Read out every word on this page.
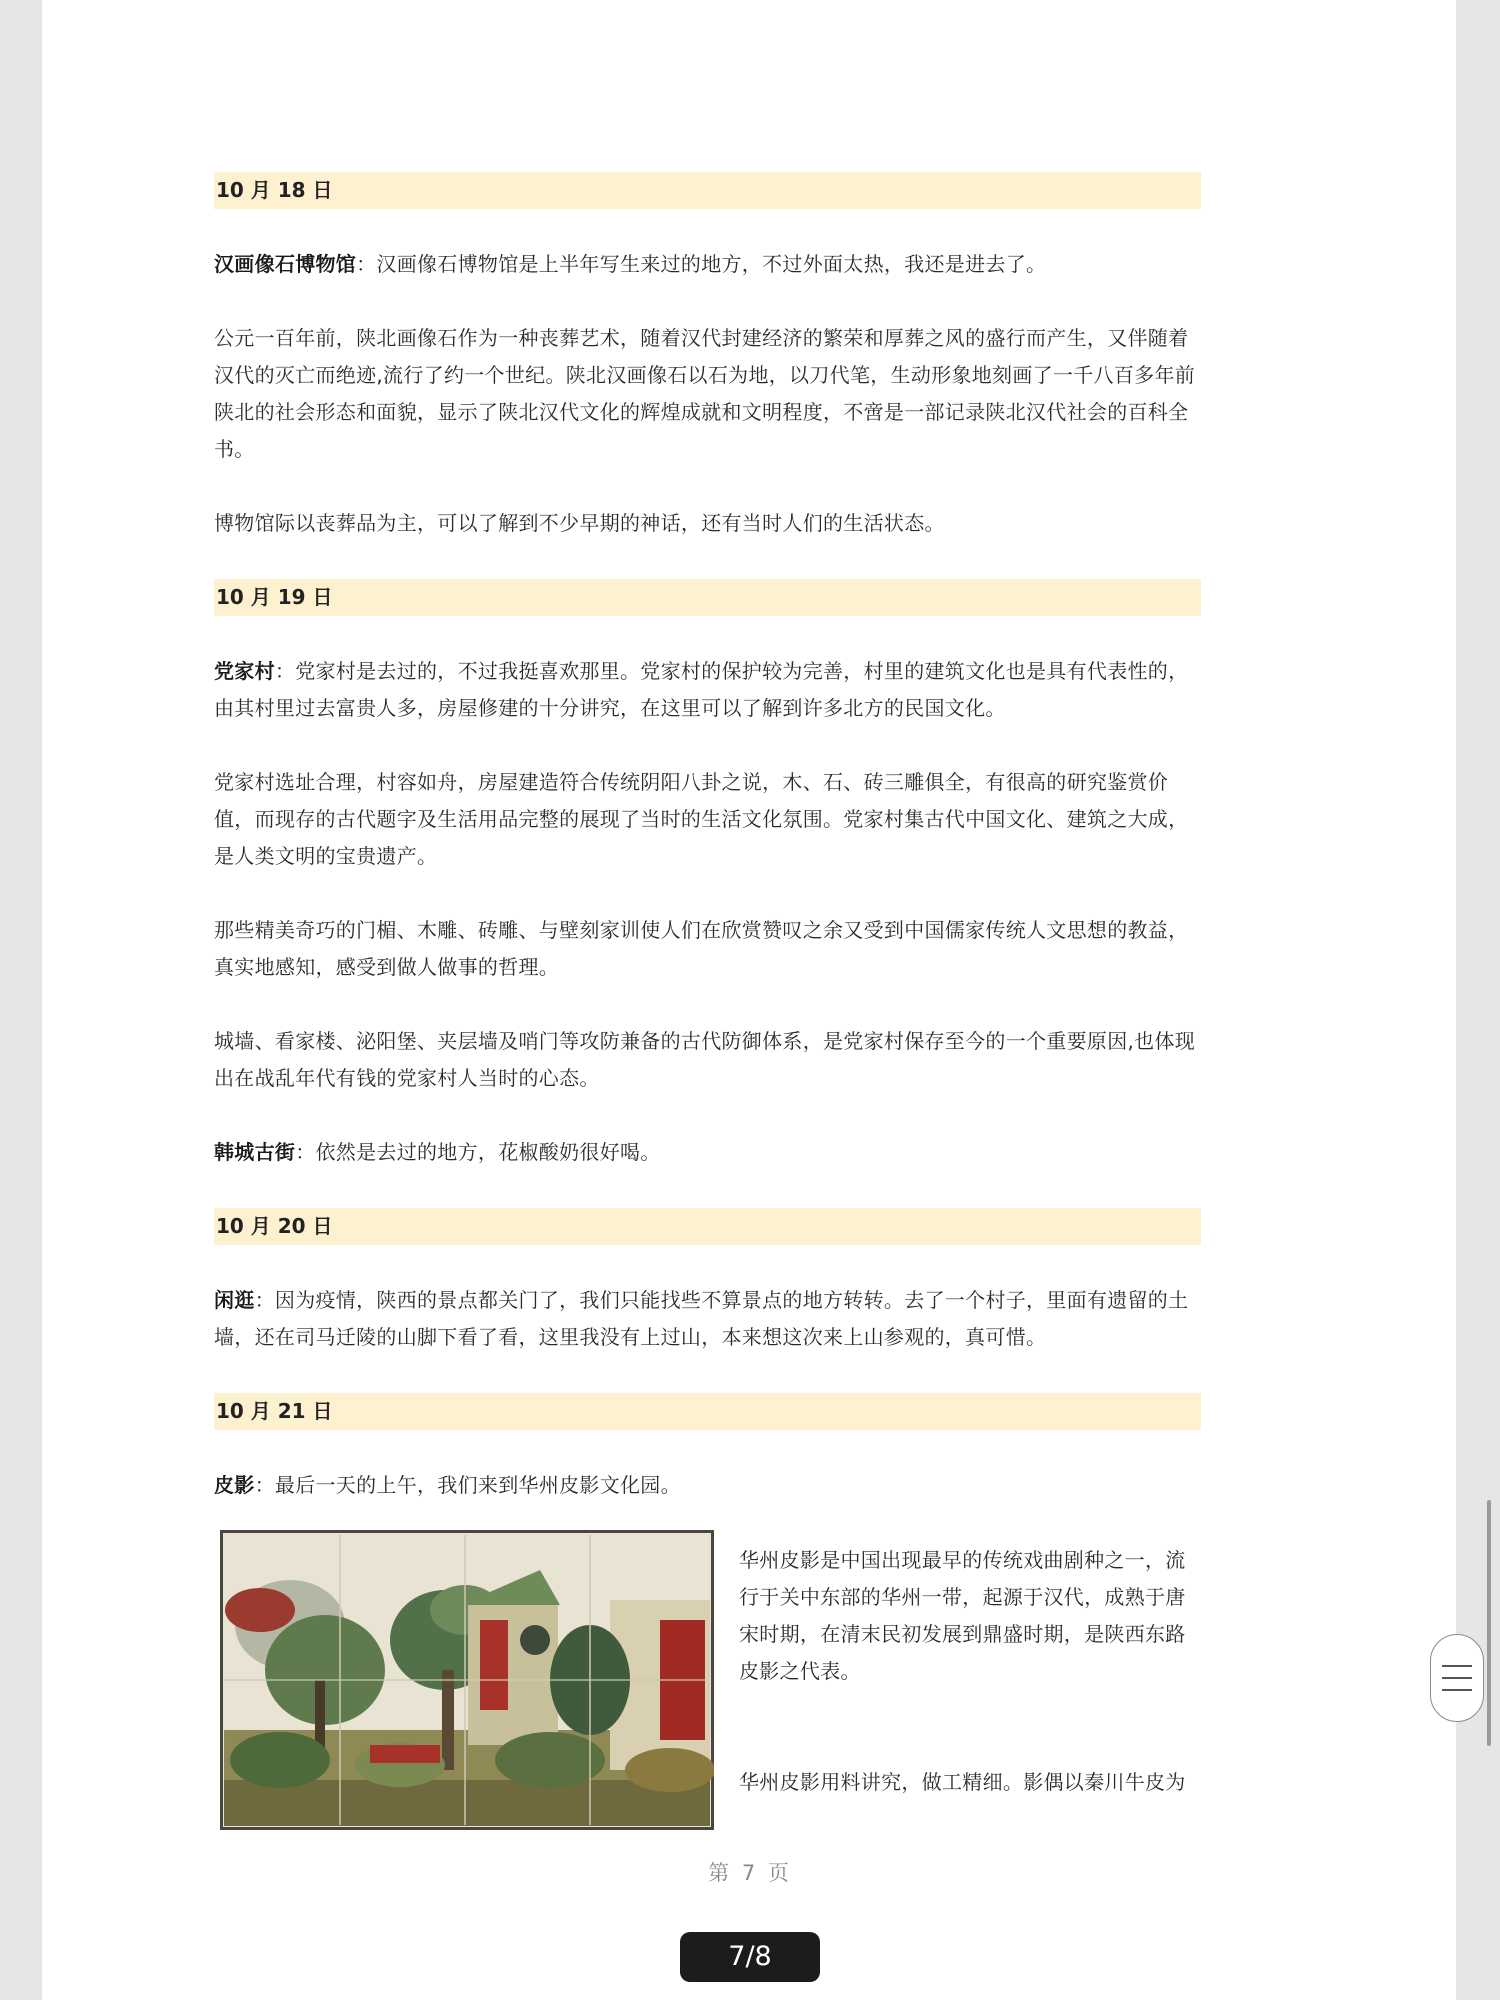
10 月 18 日

汉画像石博物馆：汉画像石博物馆是上半年写生来过的地方，不过外面太热，我还是进去了。

公元一百年前，陕北画像石作为一种丧葬艺术，随着汉代封建经济的繁荣和厚葬之风的盛行而产生，又伴随着汉代的灭亡而绝迹,流行了约一个世纪。陕北汉画像石以石为地，以刀代笔，生动形象地刻画了一千八百多年前陕北的社会形态和面貌，显示了陕北汉代文化的辉煌成就和文明程度，不啻是一部记录陕北汉代社会的百科全书。

博物馆际以丧葬品为主，可以了解到不少早期的神话，还有当时人们的生活状态。

10 月 19 日

党家村：党家村是去过的，不过我挺喜欢那里。党家村的保护较为完善，村里的建筑文化也是具有代表性的，由其村里过去富贵人多，房屋修建的十分讲究，在这里可以了解到许多北方的民国文化。

党家村选址合理，村容如舟，房屋建造符合传统阴阳八卦之说，木、石、砖三雕俱全，有很高的研究鉴赏价值，而现存的古代题字及生活用品完整的展现了当时的生活文化氛围。党家村集古代中国文化、建筑之大成，是人类文明的宝贵遗产。

那些精美奇巧的门楣、木雕、砖雕、与壁刻家训使人们在欣赏赞叹之余又受到中国儒家传统人文思想的教益，真实地感知，感受到做人做事的哲理。

城墙、看家楼、泌阳堡、夹层墙及哨门等攻防兼备的古代防御体系，是党家村保存至今的一个重要原因,也体现出在战乱年代有钱的党家村人当时的心态。

韩城古街：依然是去过的地方，花椒酸奶很好喝。

10 月 20 日

闲逛：因为疫情，陕西的景点都关门了，我们只能找些不算景点的地方转转。去了一个村子，里面有遗留的土墙，还在司马迁陵的山脚下看了看，这里我没有上过山，本来想这次来上山参观的，真可惜。

10 月 21 日

皮影：最后一天的上午，我们来到华州皮影文化园。

华州皮影是中国出现最早的传统戏曲剧种之一，流行于关中东部的华州一带，起源于汉代，成熟于唐宋时期，在清末民初发展到鼎盛时期，是陕西东路皮影之代表。

华州皮影用料讲究，做工精细。影偶以秦川牛皮为

第 7 页
7/8
